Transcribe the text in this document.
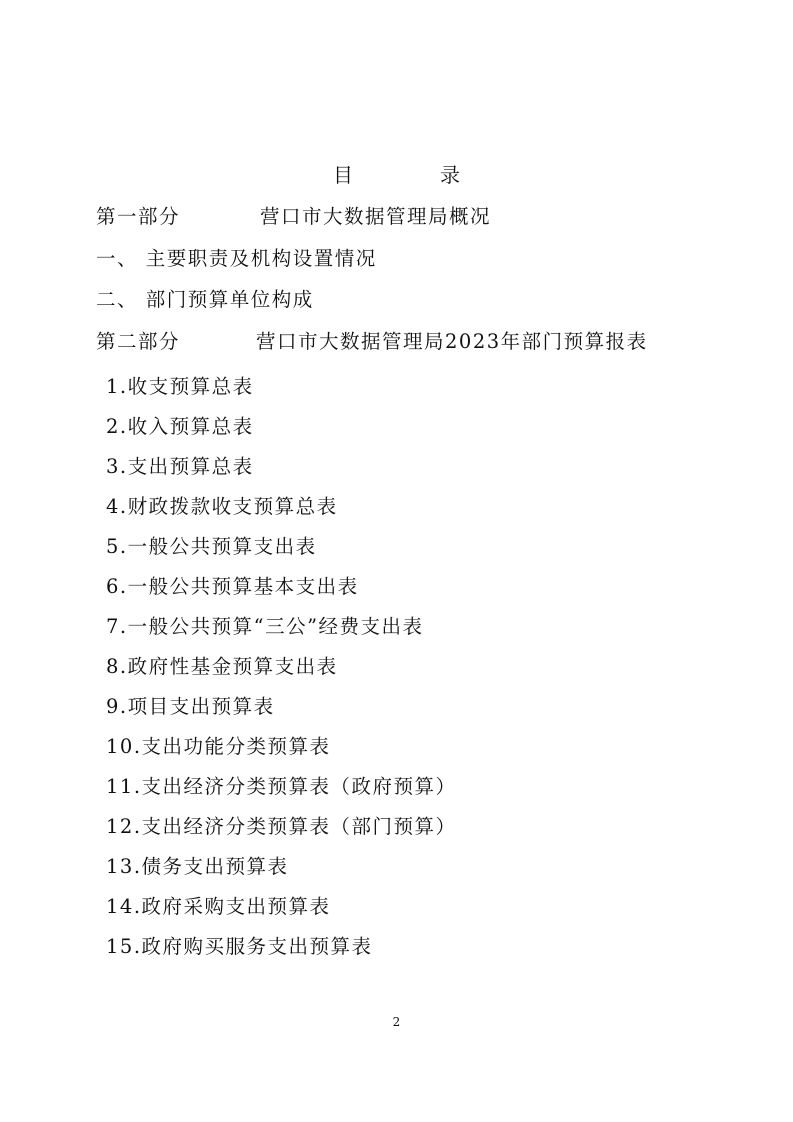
目	录
第一部分	营口市大数据管理局概况
一、 主要职责及机构设置情况
二、 部门预算单位构成
第二部分	营口市大数据管理局2023年部门预算报表
1.收支预算总表
2.收入预算总表
3.支出预算总表
4.财政拨款收支预算总表
5.一般公共预算支出表
6.一般公共预算基本支出表
7.一般公共预算“三公”经费支出表
8.政府性基金预算支出表
9.项目支出预算表
10.支出功能分类预算表
11.支出经济分类预算表（政府预算）
12.支出经济分类预算表（部门预算）
13.债务支出预算表
14.政府采购支出预算表
15.政府购买服务支出预算表
2
